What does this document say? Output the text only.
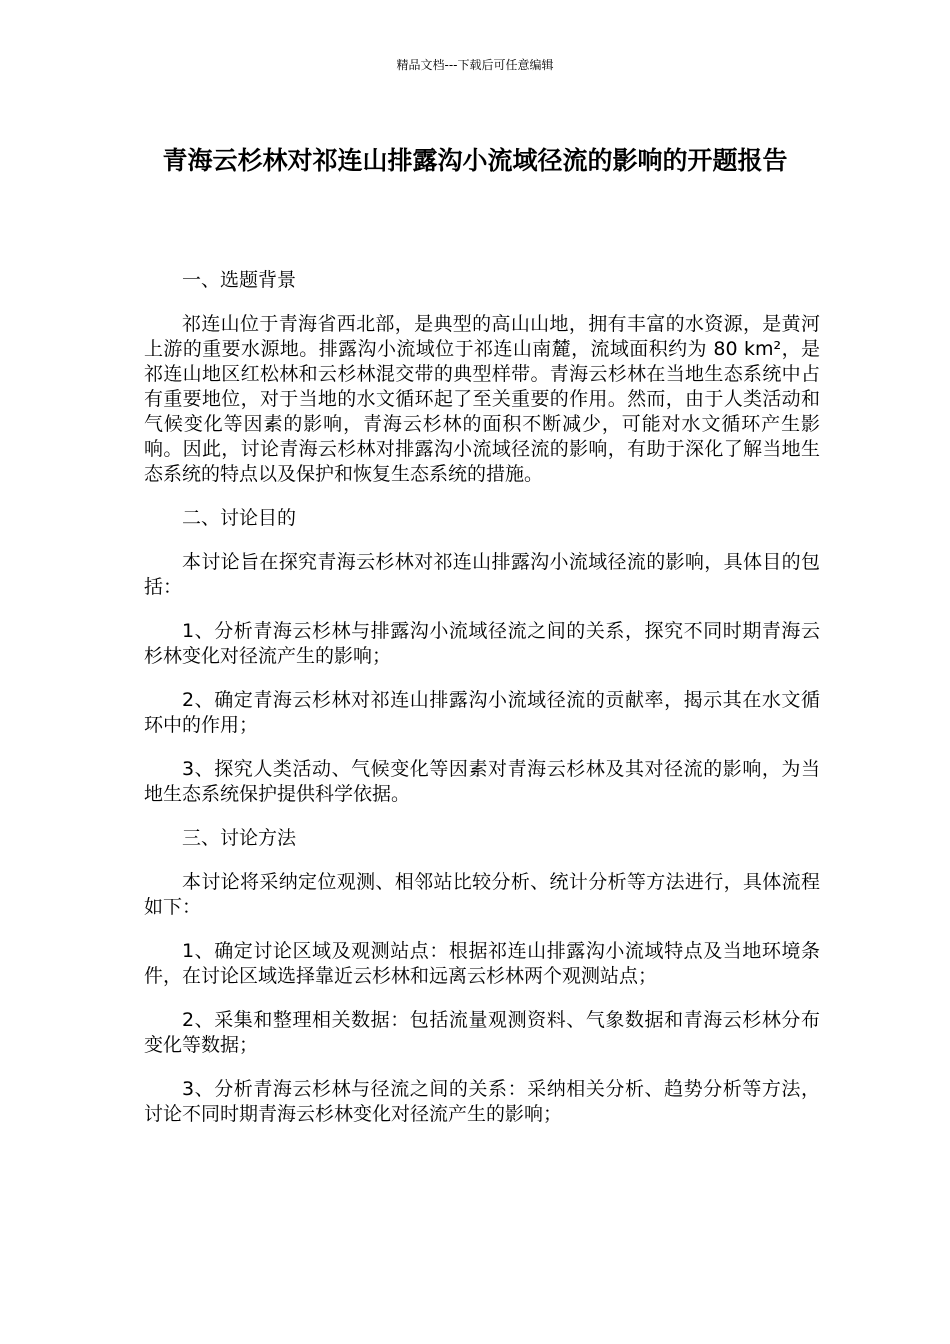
精品文档---下载后可任意编辑
青海云杉林对祁连山排露沟小流域径流的影响的开题报告

一、选题背景

祁连山位于青海省西北部，是典型的高山山地，拥有丰富的水资源，是黄河上游的重要水源地。排露沟小流域位于祁连山南麓，流域面积约为 80 km²，是祁连山地区红松林和云杉林混交带的典型样带。青海云杉林在当地生态系统中占有重要地位，对于当地的水文循环起了至关重要的作用。然而，由于人类活动和气候变化等因素的影响，青海云杉林的面积不断减少，可能对水文循环产生影响。因此，讨论青海云杉林对排露沟小流域径流的影响，有助于深化了解当地生态系统的特点以及保护和恢复生态系统的措施。

二、讨论目的

本讨论旨在探究青海云杉林对祁连山排露沟小流域径流的影响，具体目的包括：

1、分析青海云杉林与排露沟小流域径流之间的关系，探究不同时期青海云杉林变化对径流产生的影响；

2、确定青海云杉林对祁连山排露沟小流域径流的贡献率，揭示其在水文循环中的作用；

3、探究人类活动、气候变化等因素对青海云杉林及其对径流的影响，为当地生态系统保护提供科学依据。

三、讨论方法

本讨论将采纳定位观测、相邻站比较分析、统计分析等方法进行，具体流程如下：

1、确定讨论区域及观测站点：根据祁连山排露沟小流域特点及当地环境条件，在讨论区域选择靠近云杉林和远离云杉林两个观测站点；

2、采集和整理相关数据：包括流量观测资料、气象数据和青海云杉林分布变化等数据；

3、分析青海云杉林与径流之间的关系：采纳相关分析、趋势分析等方法，讨论不同时期青海云杉林变化对径流产生的影响；
